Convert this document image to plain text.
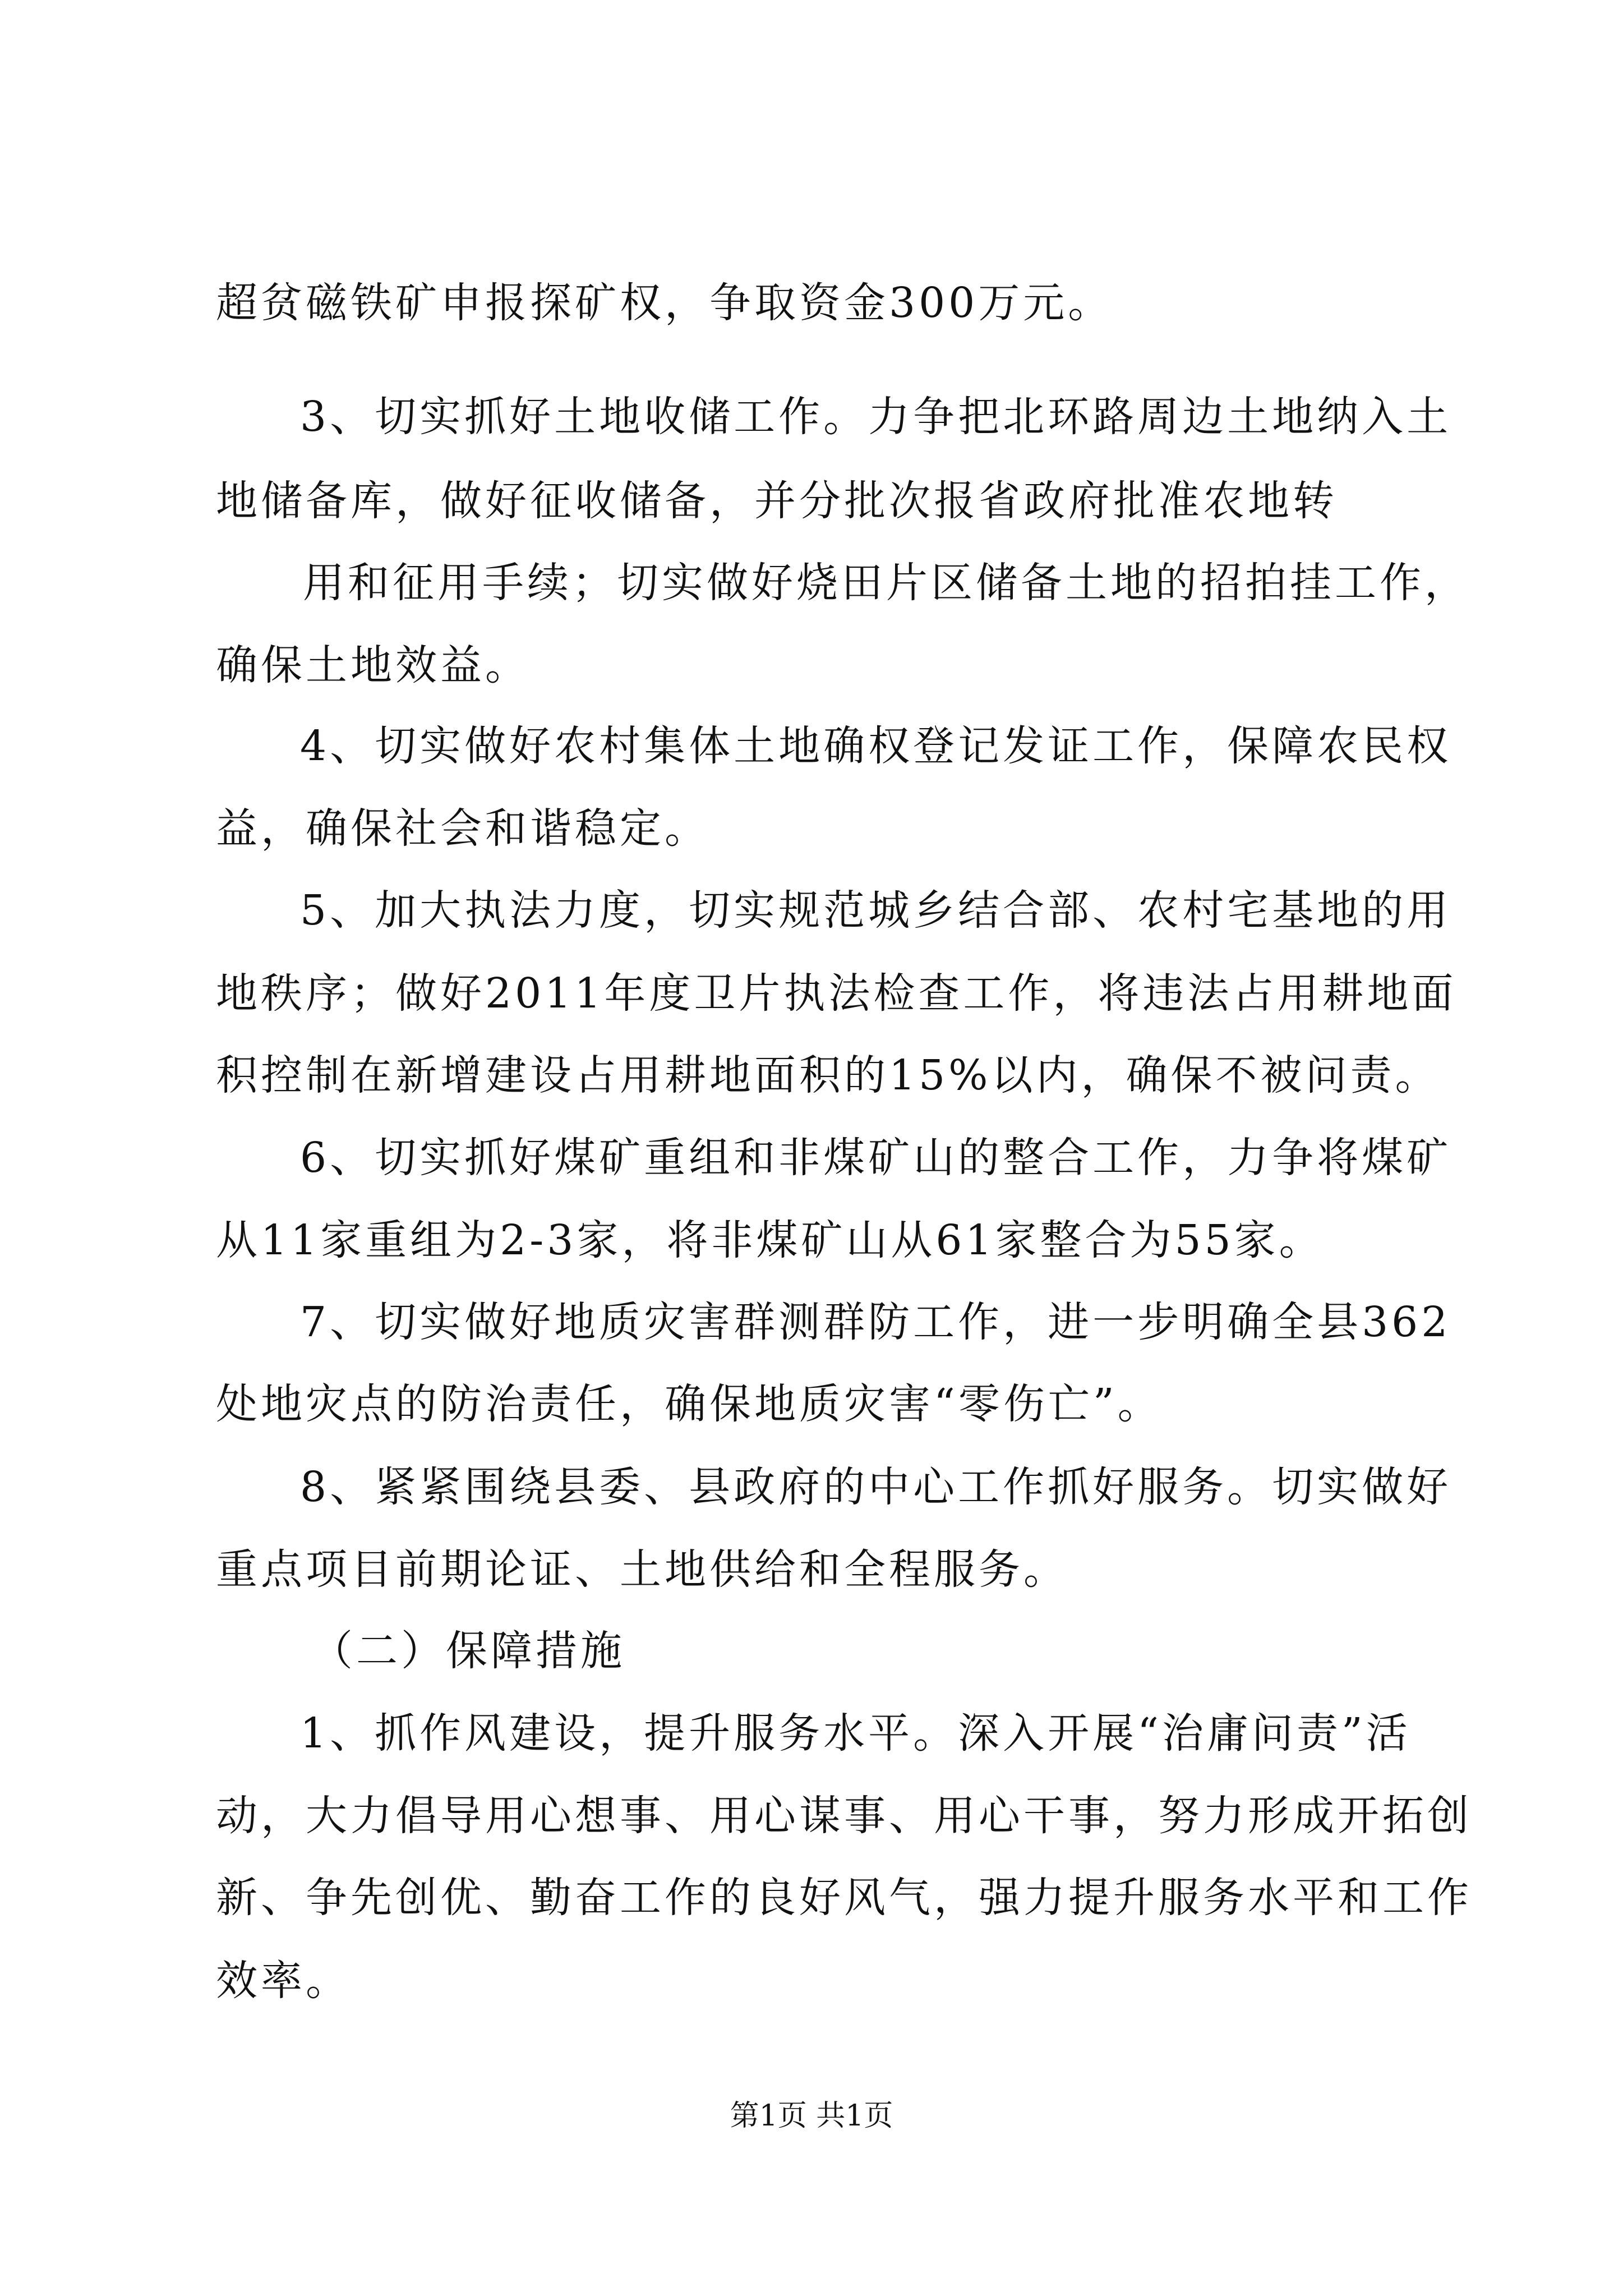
超贫磁铁矿申报探矿权，争取资金300万元。
3、切实抓好土地收储工作。力争把北环路周边土地纳入土
地储备库，做好征收储备，并分批次报省政府批准农地转
用和征用手续；切实做好烧田片区储备土地的招拍挂工作，
确保土地效益。
4、切实做好农村集体土地确权登记发证工作，保障农民权
益，确保社会和谐稳定。
5、加大执法力度，切实规范城乡结合部、农村宅基地的用
地秩序；做好2011年度卫片执法检查工作，将违法占用耕地面
积控制在新增建设占用耕地面积的15%以内，确保不被问责。
6、切实抓好煤矿重组和非煤矿山的整合工作，力争将煤矿
从11家重组为2-3家，将非煤矿山从61家整合为55家。
7、切实做好地质灾害群测群防工作，进一步明确全县362
处地灾点的防治责任，确保地质灾害“零伤亡”。
8、紧紧围绕县委、县政府的中心工作抓好服务。切实做好
重点项目前期论证、土地供给和全程服务。
（二）保障措施
1、抓作风建设，提升服务水平。深入开展“治庸问责”活
动，大力倡导用心想事、用心谋事、用心干事，努力形成开拓创
新、争先创优、勤奋工作的良好风气，强力提升服务水平和工作
效率。
第1页 共1页
